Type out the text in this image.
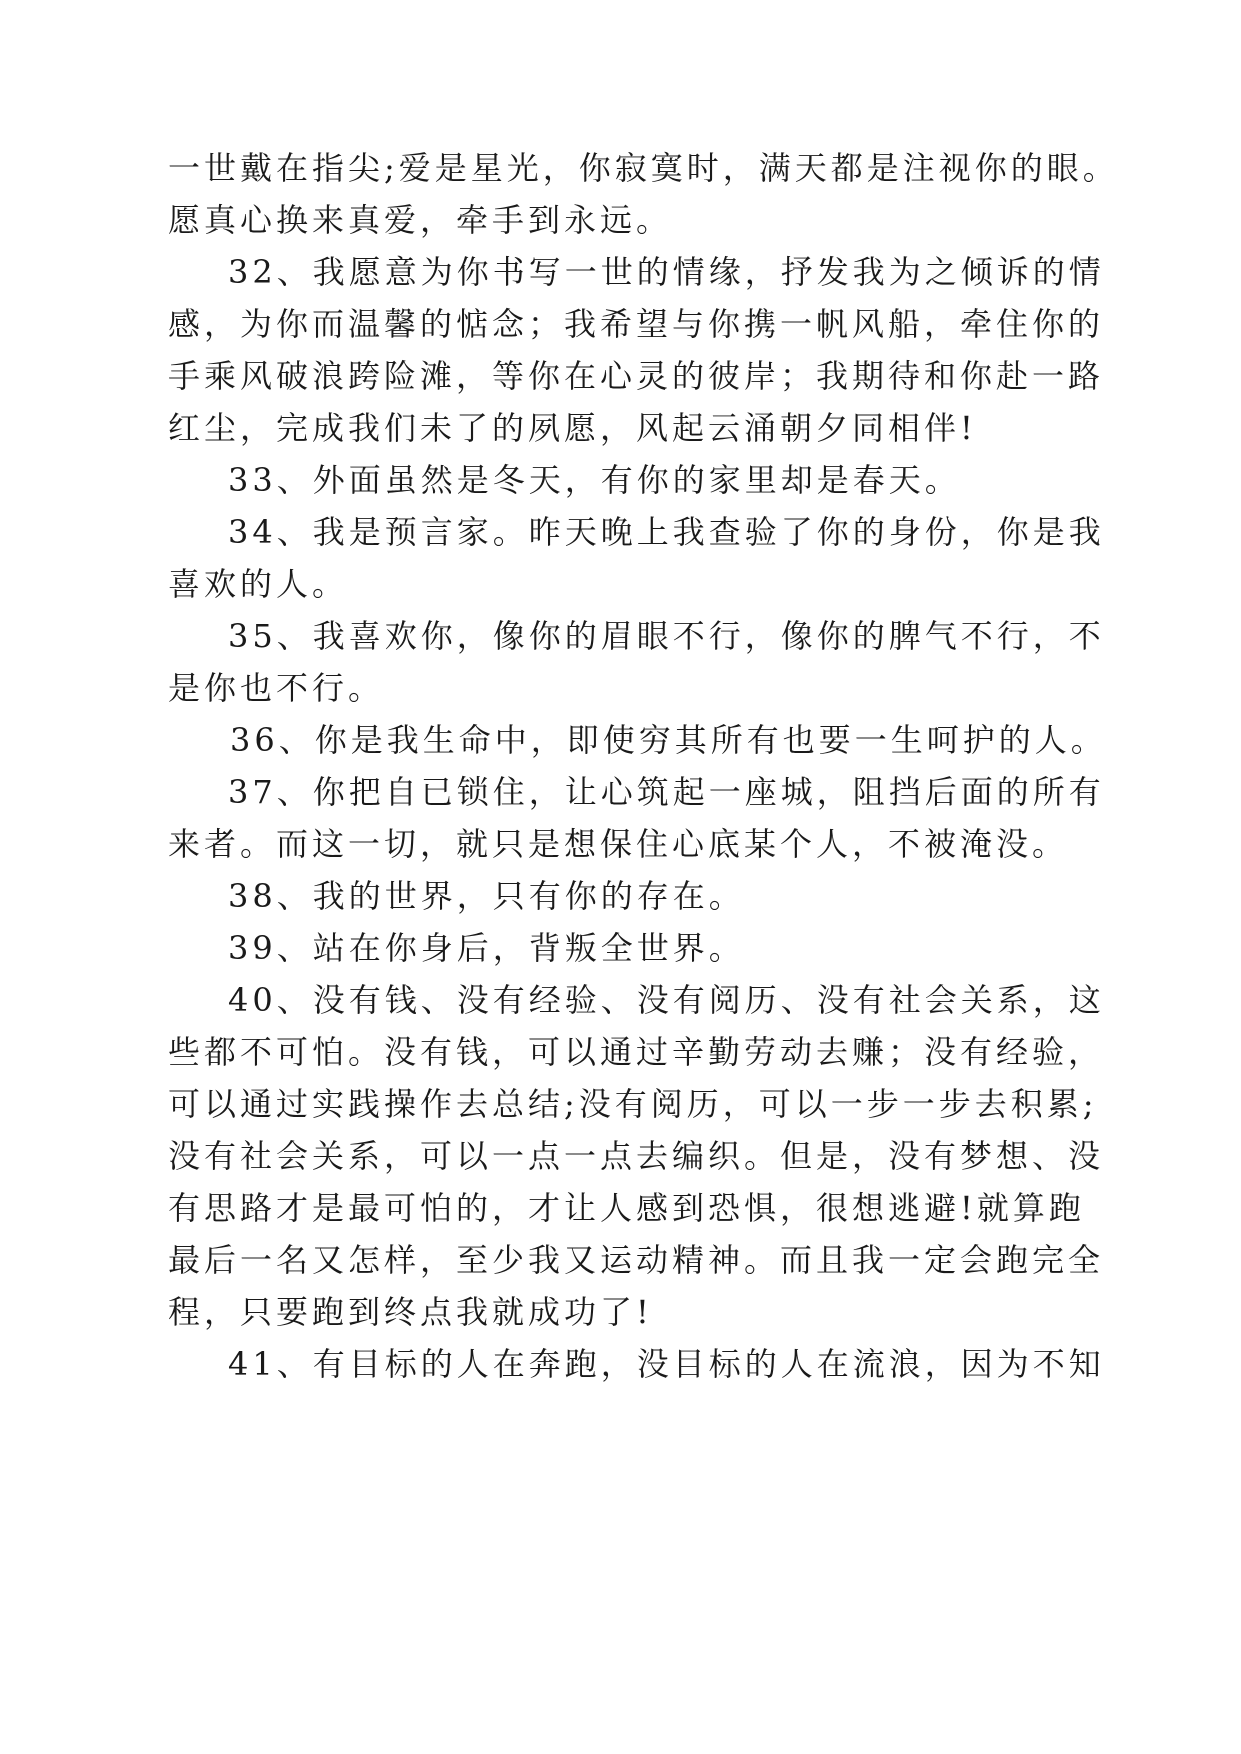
一世戴在指尖;爱是星光，你寂寞时，满天都是注视你的眼。
愿真心换来真爱，牵手到永远。
32、我愿意为你书写一世的情缘，抒发我为之倾诉的情
感，为你而温馨的惦念；我希望与你携一帆风船，牵住你的
手乘风破浪跨险滩，等你在心灵的彼岸；我期待和你赴一路
红尘，完成我们未了的夙愿，风起云涌朝夕同相伴!
33、外面虽然是冬天，有你的家里却是春天。
34、我是预言家。昨天晚上我查验了你的身份，你是我
喜欢的人。
35、我喜欢你，像你的眉眼不行，像你的脾气不行，不
是你也不行。
36、你是我生命中，即使穷其所有也要一生呵护的人。
37、你把自已锁住，让心筑起一座城，阻挡后面的所有
来者。而这一切，就只是想保住心底某个人，不被淹没。
38、我的世界，只有你的存在。
39、站在你身后，背叛全世界。
40、没有钱、没有经验、没有阅历、没有社会关系，这
些都不可怕。没有钱，可以通过辛勤劳动去赚；没有经验，
可以通过实践操作去总结;没有阅历，可以一步一步去积累;
没有社会关系，可以一点一点去编织。但是，没有梦想、没
有思路才是最可怕的，才让人感到恐惧，很想逃避!就算跑
最后一名又怎样，至少我又运动精神。而且我一定会跑完全
程，只要跑到终点我就成功了!
41、有目标的人在奔跑，没目标的人在流浪，因为不知
